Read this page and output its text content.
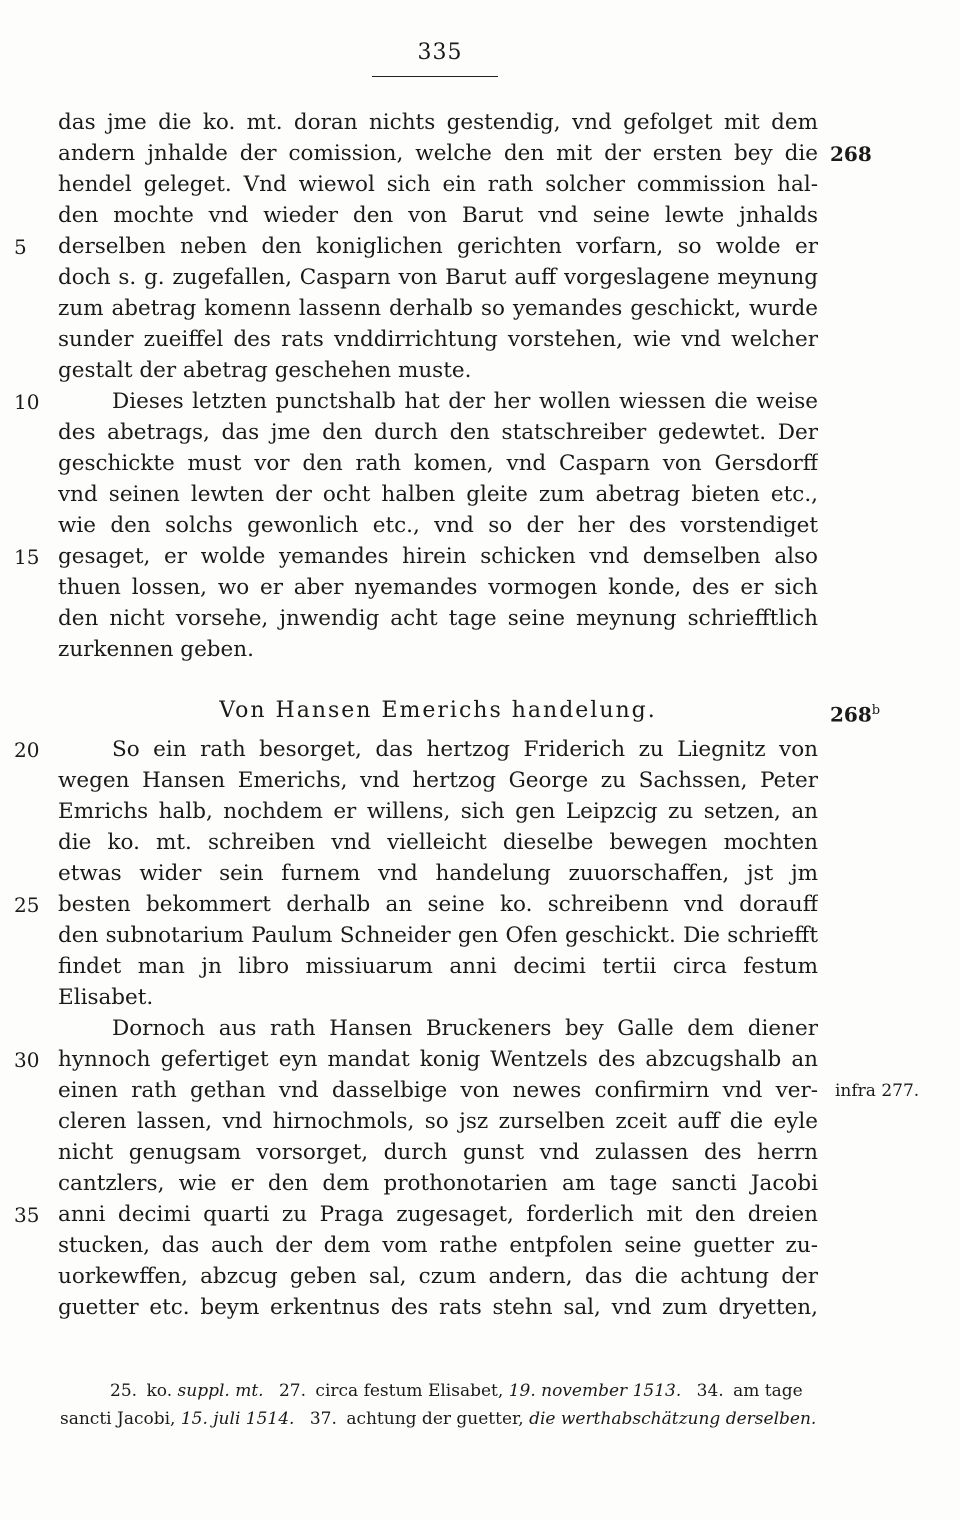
335
das jme die ko. mt. doran nichts gestendig, vnd gefolget mit dem
andern jnhalde der comission, welche den mit der ersten bey die
hendel geleget. Vnd wiewol sich ein rath solcher commission hal-
den mochte vnd wieder den von Barut vnd seine lewte jnhalds
derselben neben den koniglichen gerichten vorfarn, so wolde er
doch s. g. zugefallen, Casparn von Barut auff vorgeslagene meynung
zum abetrag komenn lassenn derhalb so yemandes geschickt, wurde
sunder zueiffel des rats vnddirrichtung vorstehen, wie vnd welcher
gestalt der abetrag geschehen muste.
Dieses letzten punctshalb hat der her wollen wiessen die weise
des abetrags, das jme den durch den statschreiber gedewtet. Der
geschickte must vor den rath komen, vnd Casparn von Gersdorff
vnd seinen lewten der ocht halben gleite zum abetrag bieten etc.,
wie den solchs gewonlich etc., vnd so der her des vorstendiget
gesaget, er wolde yemandes hirein schicken vnd demselben also
thuen lossen, wo er aber nyemandes vormogen konde, des er sich
den nicht vorsehe, jnwendig acht tage seine meynung schriefftlich
zurkennen geben.
Von Hansen Emerichs handelung.
So ein rath besorget, das hertzog Friderich zu Liegnitz von
wegen Hansen Emerichs, vnd hertzog George zu Sachssen, Peter
Emrichs halb, nochdem er willens, sich gen Leipzcig zu setzen, an
die ko. mt. schreiben vnd vielleicht dieselbe bewegen mochten
etwas wider sein furnem vnd handelung zuuorschaffen, jst jm
besten bekommert derhalb an seine ko. schreibenn vnd dorauff
den subnotarium Paulum Schneider gen Ofen geschickt. Die schriefft
findet man jn libro missiuarum anni decimi tertii circa festum
Elisabet.
Dornoch aus rath Hansen Bruckeners bey Galle dem diener
hynnoch gefertiget eyn mandat konig Wentzels des abzcugshalb an
einen rath gethan vnd dasselbige von newes confirmirn vnd ver-
cleren lassen, vnd hirnochmols, so jsz zurselben zceit auff die eyle
nicht genugsam vorsorget, durch gunst vnd zulassen des herrn
cantzlers, wie er den dem prothonotarien am tage sancti Jacobi
anni decimi quarti zu Praga zugesaget, forderlich mit den dreien
stucken, das auch der dem vom rathe entpfolen seine guetter zu-
uorkewffen, abzcug geben sal, czum andern, das die achtung der
guetter etc. beym erkentnus des rats stehn sal, vnd zum dryetten,
5
10
15
20
25
30
35
268
268$^b$
infra 277.
25. ko. suppl. mt. 27. circa festum Elisabet, 19. november 1513. 34. am tage
sancti Jacobi, 15. juli 1514. 37. achtung der guetter, die werthabschätzung derselben.
